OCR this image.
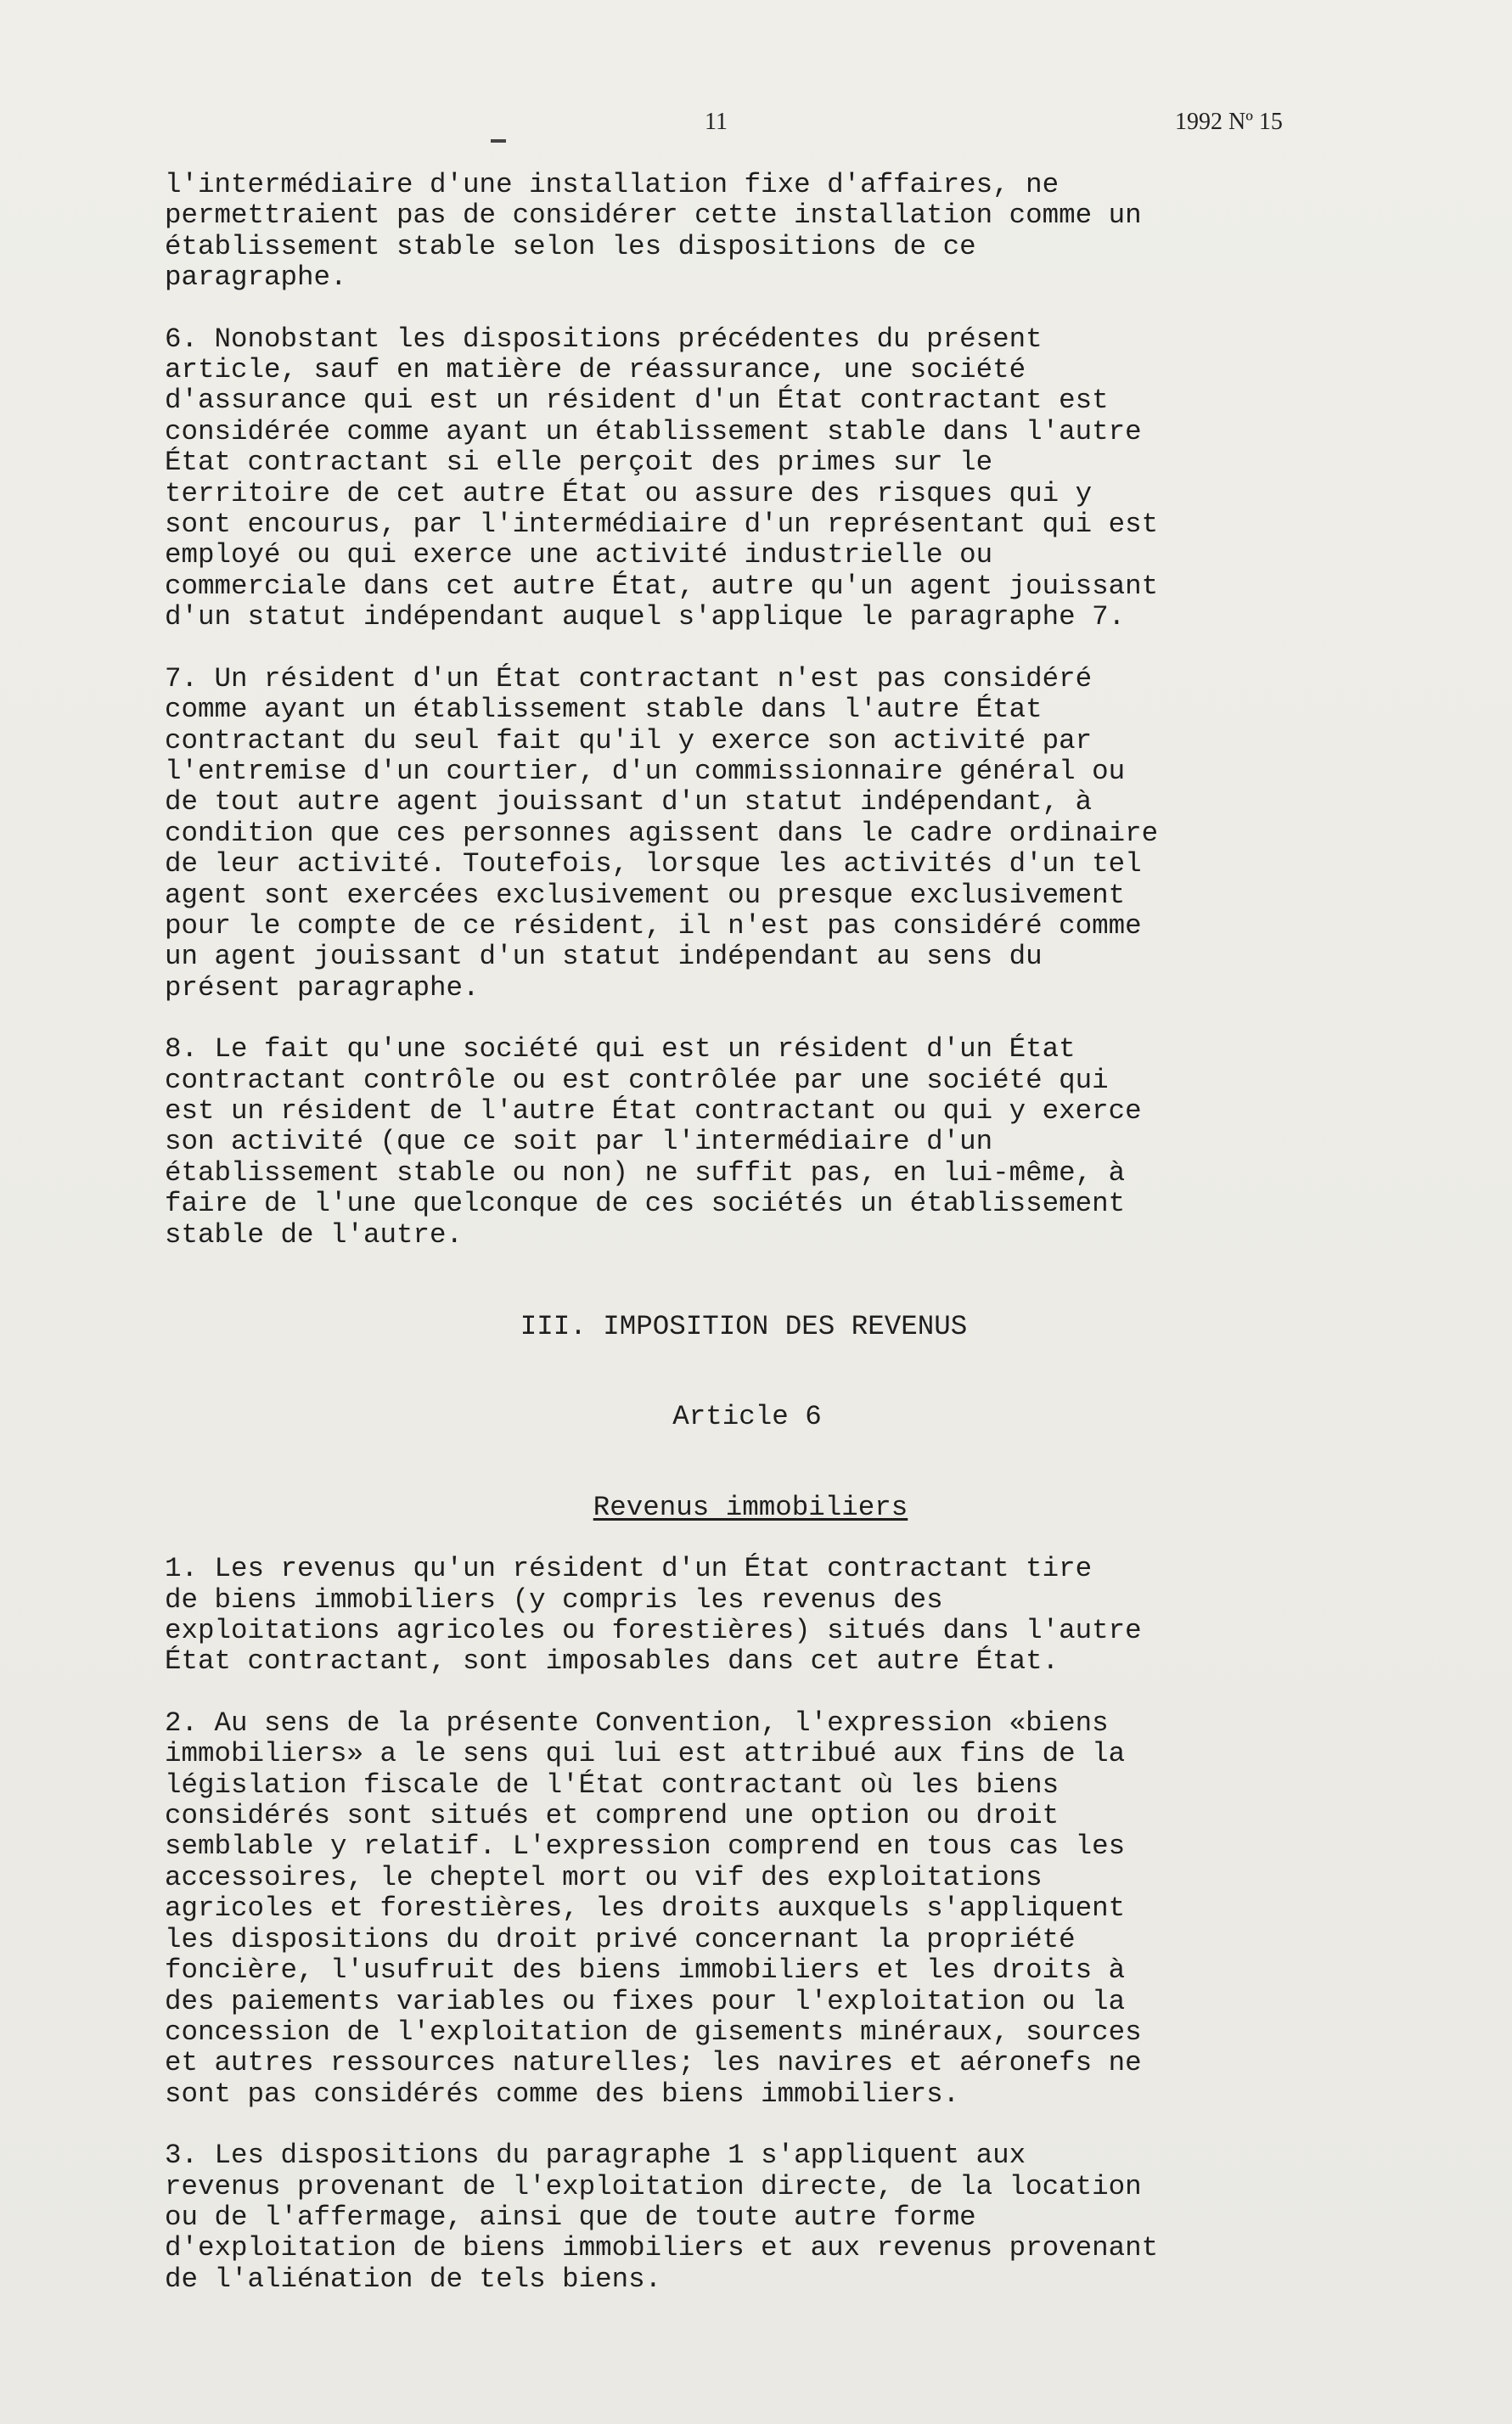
11	1992 Nº 15

l'intermédiaire d'une installation fixe d'affaires, ne
permettraient pas de considérer cette installation comme un
établissement stable selon les dispositions de ce
paragraphe.

6. Nonobstant les dispositions précédentes du présent
article, sauf en matière de réassurance, une société
d'assurance qui est un résident d'un État contractant est
considérée comme ayant un établissement stable dans l'autre
État contractant si elle perçoit des primes sur le
territoire de cet autre État ou assure des risques qui y
sont encourus, par l'intermédiaire d'un représentant qui est
employé ou qui exerce une activité industrielle ou
commerciale dans cet autre État, autre qu'un agent jouissant
d'un statut indépendant auquel s'applique le paragraphe 7.

7. Un résident d'un État contractant n'est pas considéré
comme ayant un établissement stable dans l'autre État
contractant du seul fait qu'il y exerce son activité par
l'entremise d'un courtier, d'un commissionnaire général ou
de tout autre agent jouissant d'un statut indépendant, à
condition que ces personnes agissent dans le cadre ordinaire
de leur activité. Toutefois, lorsque les activités d'un tel
agent sont exercées exclusivement ou presque exclusivement
pour le compte de ce résident, il n'est pas considéré comme
un agent jouissant d'un statut indépendant au sens du
présent paragraphe.

8. Le fait qu'une société qui est un résident d'un État
contractant contrôle ou est contrôlée par une société qui
est un résident de l'autre État contractant ou qui y exerce
son activité (que ce soit par l'intermédiaire d'un
établissement stable ou non) ne suffit pas, en lui-même, à
faire de l'une quelconque de ces sociétés un établissement
stable de l'autre.

III. IMPOSITION DES REVENUS

Article 6

Revenus immobiliers

1. Les revenus qu'un résident d'un État contractant tire
de biens immobiliers (y compris les revenus des
exploitations agricoles ou forestières) situés dans l'autre
État contractant, sont imposables dans cet autre État.

2. Au sens de la présente Convention, l'expression «biens
immobiliers» a le sens qui lui est attribué aux fins de la
législation fiscale de l'État contractant où les biens
considérés sont situés et comprend une option ou droit
semblable y relatif. L'expression comprend en tous cas les
accessoires, le cheptel mort ou vif des exploitations
agricoles et forestières, les droits auxquels s'appliquent
les dispositions du droit privé concernant la propriété
foncière, l'usufruit des biens immobiliers et les droits à
des paiements variables ou fixes pour l'exploitation ou la
concession de l'exploitation de gisements minéraux, sources
et autres ressources naturelles; les navires et aéronefs ne
sont pas considérés comme des biens immobiliers.

3. Les dispositions du paragraphe 1 s'appliquent aux
revenus provenant de l'exploitation directe, de la location
ou de l'affermage, ainsi que de toute autre forme
d'exploitation de biens immobiliers et aux revenus provenant
de l'aliénation de tels biens.
